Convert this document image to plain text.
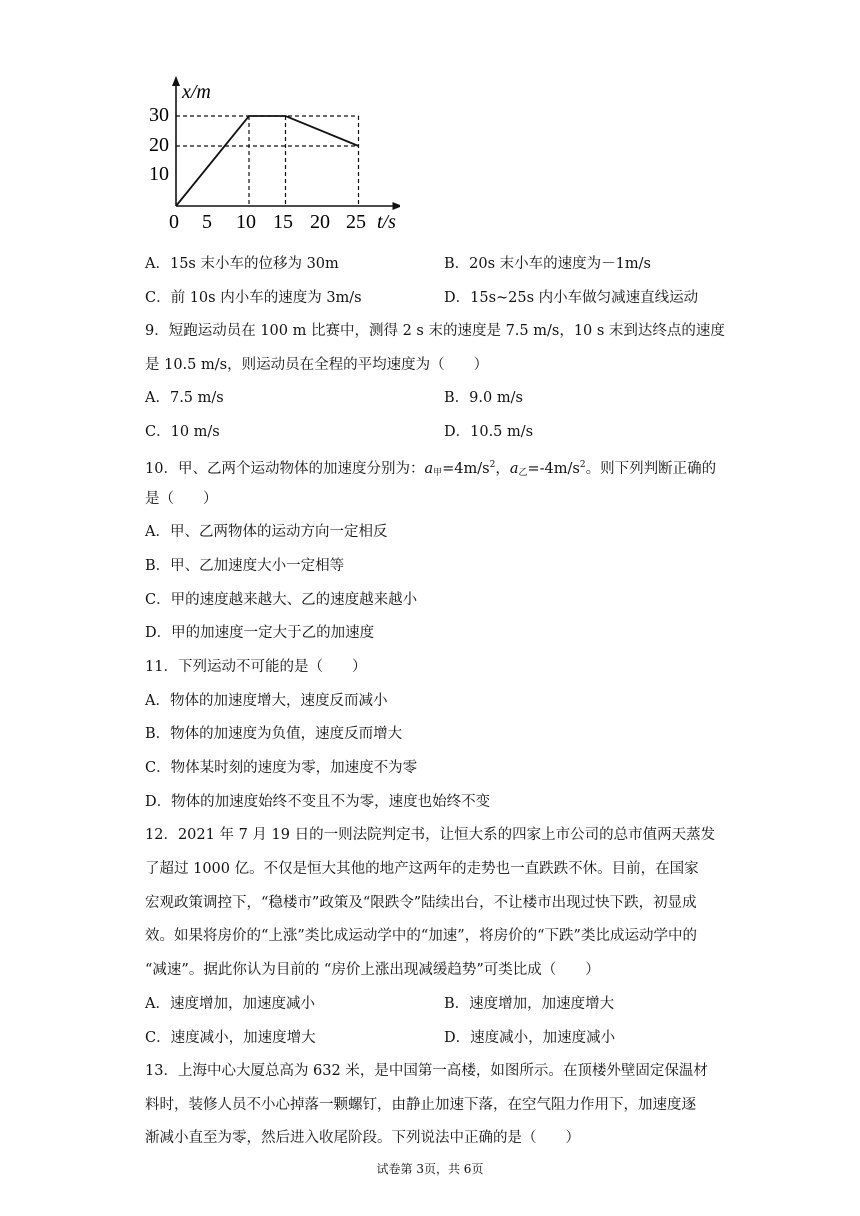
x/m
t/s
30
20
10
0 5 10 15 20 25
A．15s 末小车的位移为 30m	B．20s 末小车的速度为－1m/s
C．前 10s 内小车的速度为 3m/s	D．15s~25s 内小车做匀减速直线运动
9．短跑运动员在 100 m 比赛中，测得 2 s 末的速度是 7.5 m/s，10 s 末到达终点的速度
是 10.5 m/s，则运动员在全程的平均速度为（　　）
A．7.5 m/s	B．9.0 m/s
C．10 m/s	D．10.5 m/s
10．甲、乙两个运动物体的加速度分别为：$a_甲=4m/s^2$，$a_乙=-4m/s^2$。则下列判断正确的
是（　　）
A．甲、乙两物体的运动方向一定相反
B．甲、乙加速度大小一定相等
C．甲的速度越来越大、乙的速度越来越小
D．甲的加速度一定大于乙的加速度
11．下列运动不可能的是（　　）
A．物体的加速度增大，速度反而减小
B．物体的加速度为负值，速度反而增大
C．物体某时刻的速度为零，加速度不为零
D．物体的加速度始终不变且不为零，速度也始终不变
12．2021 年 7 月 19 日的一则法院判定书，让恒大系的四家上市公司的总市值两天蒸发
了超过 1000 亿。不仅是恒大其他的地产这两年的走势也一直跌跌不休。目前，在国家
宏观政策调控下，“稳楼市”政策及“限跌令”陆续出台，不让楼市出现过快下跌，初显成
效。如果将房价的“上涨”类比成运动学中的“加速”，将房价的“下跌”类比成运动学中的
“减速”。据此你认为目前的 “房价上涨出现减缓趋势”可类比成（　　）
A．速度增加，加速度减小	B．速度增加，加速度增大
C．速度减小，加速度增大	D．速度减小，加速度减小
13．上海中心大厦总高为 632 米，是中国第一高楼，如图所示。在顶楼外壁固定保温材
料时，装修人员不小心掉落一颗螺钉，由静止加速下落，在空气阻力作用下，加速度逐
渐减小直至为零，然后进入收尾阶段。下列说法中正确的是（　　）
试卷第 3页，共 6页
